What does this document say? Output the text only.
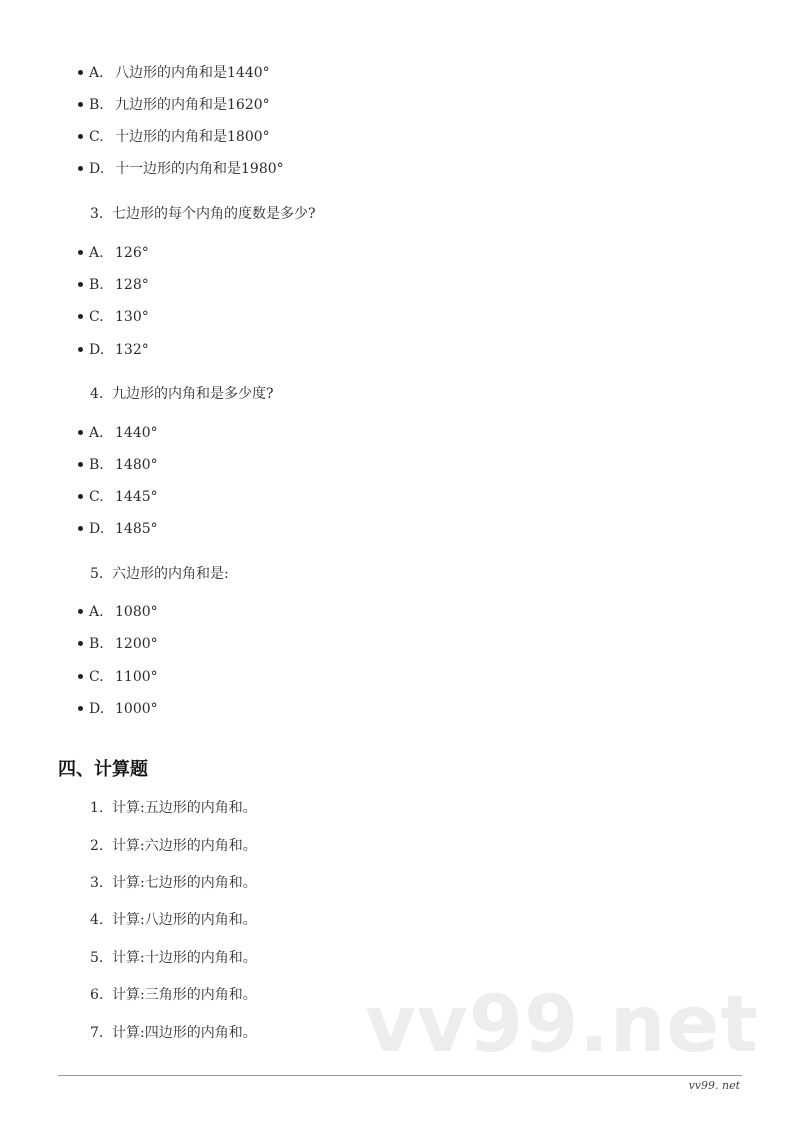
A. 八边形的内角和是1440°
B. 九边形的内角和是1620°
C. 十边形的内角和是1800°
D. 十一边形的内角和是1980°
3. 七边形的每个内角的度数是多少?
A. 126°
B. 128°
C. 130°
D. 132°
4. 九边形的内角和是多少度?
A. 1440°
B. 1480°
C. 1445°
D. 1485°
5. 六边形的内角和是:
A. 1080°
B. 1200°
C. 1100°
D. 1000°
四、计算题
1. 计算:五边形的内角和。
2. 计算:六边形的内角和。
3. 计算:七边形的内角和。
4. 计算:八边形的内角和。
5. 计算:十边形的内角和。
6. 计算:三角形的内角和。
7. 计算:四边形的内角和。 vv99.net
vv99. net
